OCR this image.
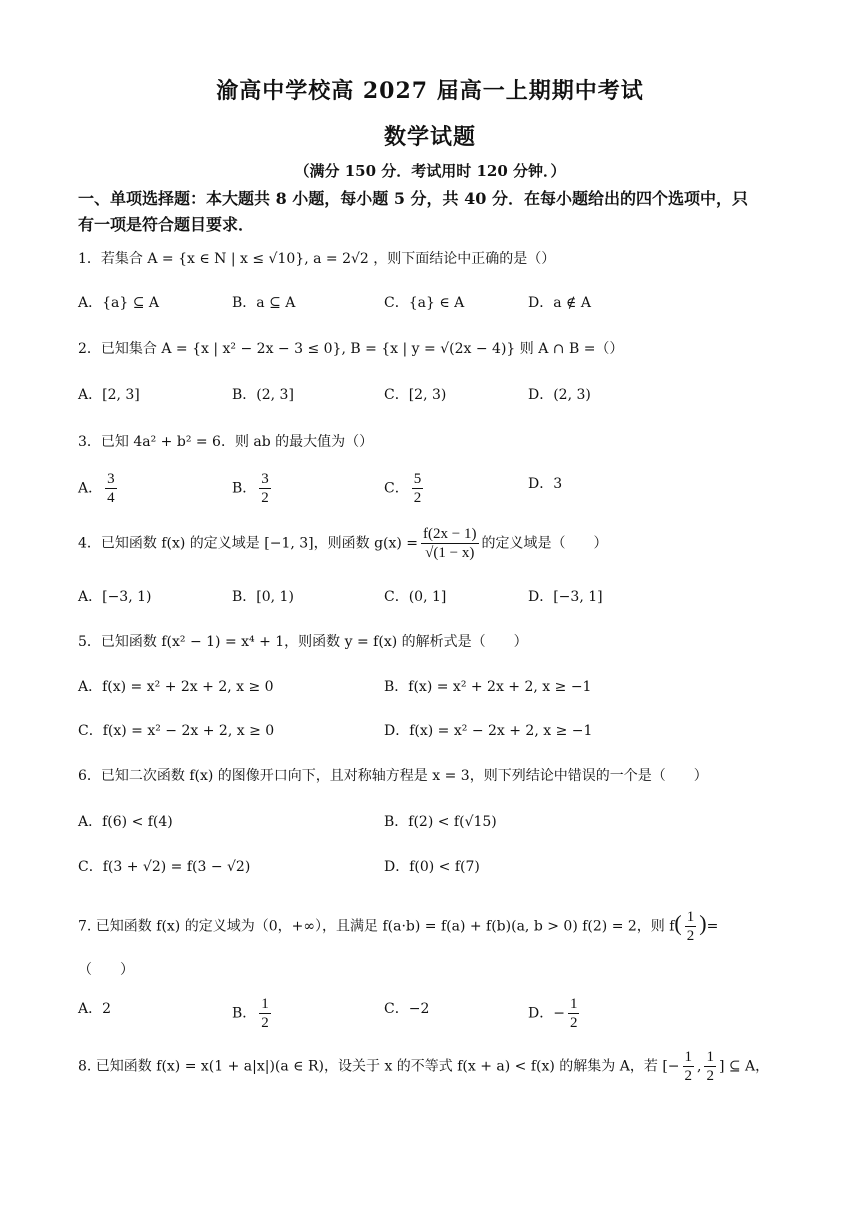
渝高中学校高 2027 届高一上期期中考试
数学试题
（满分 150 分．考试用时 120 分钟．）
一、单项选择题：本大题共 8 小题，每小题 5 分，共 40 分．在每小题给出的四个选项中，只
有一项是符合题目要求．
1．若集合 A = {x ∈ N | x ≤ √10}, a = 2√2 ，则下面结论中正确的是（）
A．{a} ⊆ A	B．a ⊆ A	C．{a} ∈ A	D．a ∉ A
2．已知集合 A = {x | x² − 2x − 3 ≤ 0}, B = {x | y = √(2x − 4)} 则 A ∩ B =（）
A．[2, 3]	B．(2, 3]	C．[2, 3)	D．(2, 3)
3．已知 4a² + b² = 6．则 ab 的最大值为（）
A． $\frac{3}{4}$	B． $\frac{3}{2}$	C． $\frac{5}{2}$	D．3
4．已知函数 f(x) 的定义域是 [−1, 3]，则函数 $g(x) = \frac{f(2x - 1)}{√(1 - x)}$ 的定义域是（　　）
A．[−3, 1)	B．[0, 1)	C．(0, 1]	D．[−3, 1]
5．已知函数 f(x² − 1) = x⁴ + 1，则函数 y = f(x) 的解析式是（　　）
A．f(x) = x² + 2x + 2, x ≥ 0	B．f(x) = x² + 2x + 2, x ≥ −1
C．f(x) = x² − 2x + 2, x ≥ 0	D．f(x) = x² − 2x + 2, x ≥ −1
6．已知二次函数 f(x) 的图像开口向下，且对称轴方程是 x = 3，则下列结论中错误的一个是（　　）
A．f(6) < f(4)	B．f(2) < f(√15)
C．f(3 + √2) = f(3 − √2)	D．f(0) < f(7)
7. 已知函数 f(x) 的定义域为（0，+∞），且满足 f(a·b) = f(a) + f(b)(a, b > 0) f(2) = 2，则 $f( \frac{1}{2}$ )=
（　　）
A．2	B． $\frac{1}{2}$	C．−2	D．− $\frac{1}{2}$
8. 已知函数 f(x) = x(1 + a|x|)(a ∈ R)，设关于 x 的不等式 f(x + a) < f(x) 的解集为 A，若 [− $\frac{1}{2}$ , $\frac{1}{2}$ ] ⊆ A，
